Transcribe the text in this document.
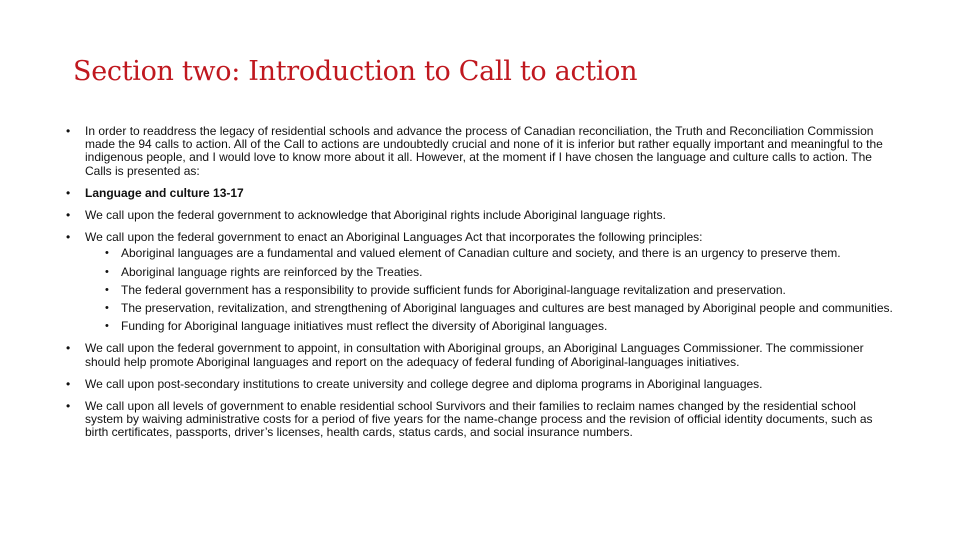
Section two: Introduction to Call to action
• In order to readdress the legacy of residential schools and advance the process of Canadian reconciliation, the Truth and Reconciliation Commission made the 94 calls to action. All of the Call to actions are undoubtedly crucial and none of it is inferior but rather equally important and meaningful to the indigenous people, and I would love to know more about it all. However, at the moment if I have chosen the language and culture calls to action. The Calls is presented as:
• Language and culture 13-17
• We call upon the federal government to acknowledge that Aboriginal rights include Aboriginal language rights.
• We call upon the federal government to enact an Aboriginal Languages Act that incorporates the following principles:
• Aboriginal languages are a fundamental and valued element of Canadian culture and society, and there is an urgency to preserve them.
• Aboriginal language rights are reinforced by the Treaties.
• The federal government has a responsibility to provide sufficient funds for Aboriginal-language revitalization and preservation.
• The preservation, revitalization, and strengthening of Aboriginal languages and cultures are best managed by Aboriginal people and communities.
• Funding for Aboriginal language initiatives must reflect the diversity of Aboriginal languages.
• We call upon the federal government to appoint, in consultation with Aboriginal groups, an Aboriginal Languages Commissioner. The commissioner should help promote Aboriginal languages and report on the adequacy of federal funding of Aboriginal-languages initiatives.
• We call upon post-secondary institutions to create university and college degree and diploma programs in Aboriginal languages.
• We call upon all levels of government to enable residential school Survivors and their families to reclaim names changed by the residential school system by waiving administrative costs for a period of five years for the name-change process and the revision of official identity documents, such as birth certificates, passports, driver’s licenses, health cards, status cards, and social insurance numbers.
